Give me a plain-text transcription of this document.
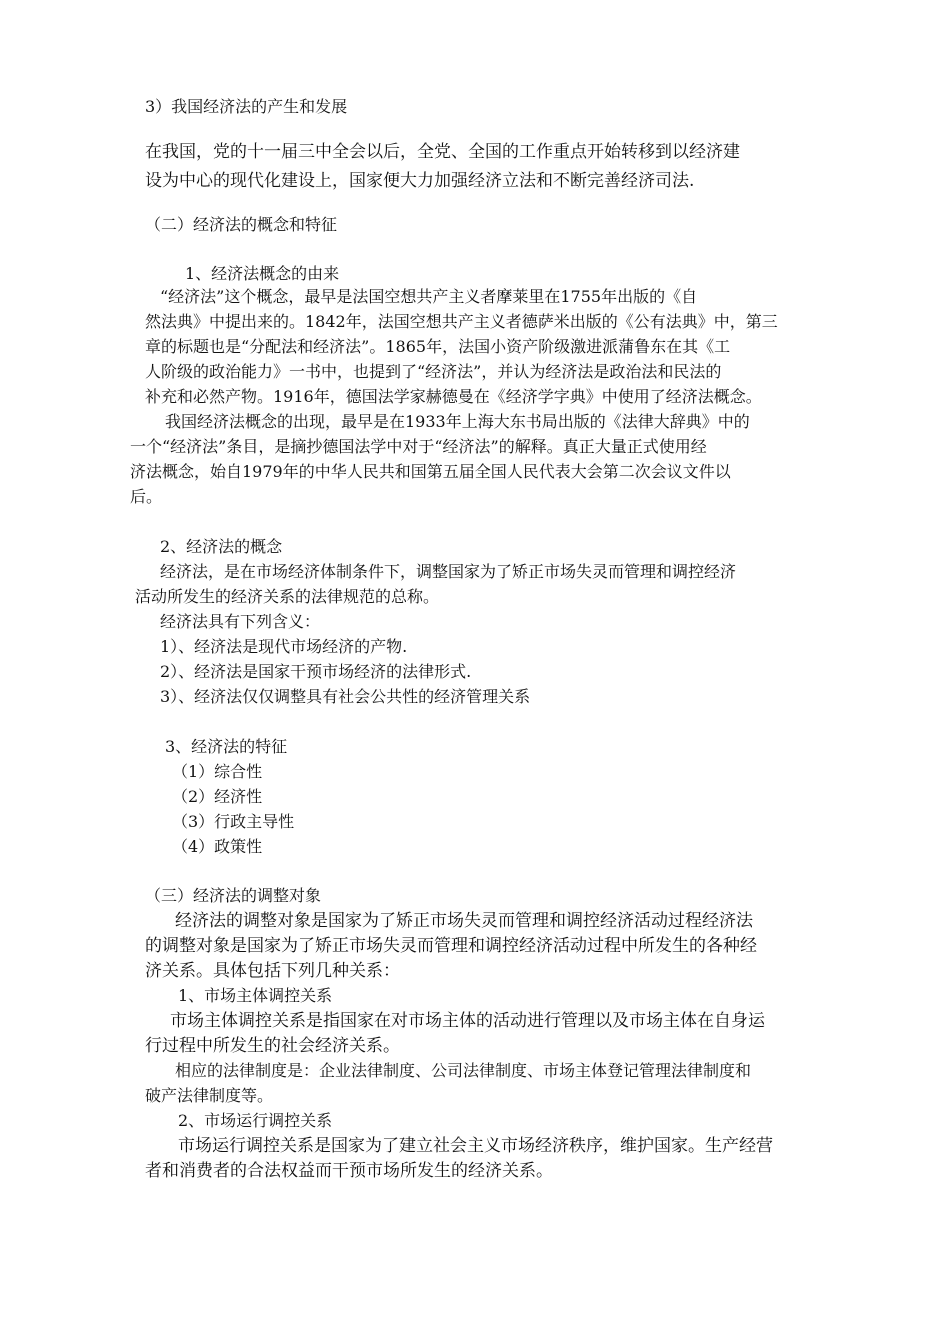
3）我国经济法的产生和发展
在我国，党的十一届三中全会以后，全党、全国的工作重点开始转移到以经济建
设为中心的现代化建设上，国家便大力加强经济立法和不断完善经济司法.
（二）经济法的概念和特征
1、经济法概念的由来
“经济法”这个概念，最早是法国空想共产主义者摩莱里在1755年出版的《自
然法典》中提出来的。1842年，法国空想共产主义者德萨米出版的《公有法典》中，第三
章的标题也是“分配法和经济法”。1865年，法国小资产阶级激进派蒲鲁东在其《工
人阶级的政治能力》一书中，也提到了“经济法”，并认为经济法是政治法和民法的
补充和必然产物。1916年，德国法学家赫德曼在《经济学字典》中使用了经济法概念。
我国经济法概念的出现，最早是在1933年上海大东书局出版的《法律大辞典》中的
一个“经济法”条目，是摘抄德国法学中对于“经济法”的解释。真正大量正式使用经
济法概念，始自1979年的中华人民共和国第五届全国人民代表大会第二次会议文件以
后。
2、经济法的概念
经济法，是在市场经济体制条件下，调整国家为了矫正市场失灵而管理和调控经济
活动所发生的经济关系的法律规范的总称。
经济法具有下列含义：
1）、经济法是现代市场经济的产物.
2）、经济法是国家干预市场经济的法律形式.
3）、经济法仅仅调整具有社会公共性的经济管理关系
3、经济法的特征
（1）综合性
（2）经济性
（3）行政主导性
（4）政策性
（三）经济法的调整对象
经济法的调整对象是国家为了矫正市场失灵而管理和调控经济活动过程经济法
的调整对象是国家为了矫正市场失灵而管理和调控经济活动过程中所发生的各种经
济关系。具体包括下列几种关系：
1、市场主体调控关系
市场主体调控关系是指国家在对市场主体的活动进行管理以及市场主体在自身运
行过程中所发生的社会经济关系。
相应的法律制度是：企业法律制度、公司法律制度、市场主体登记管理法律制度和
破产法律制度等。
2、市场运行调控关系
市场运行调控关系是国家为了建立社会主义市场经济秩序，维护国家。生产经营
者和消费者的合法权益而干预市场所发生的经济关系。
